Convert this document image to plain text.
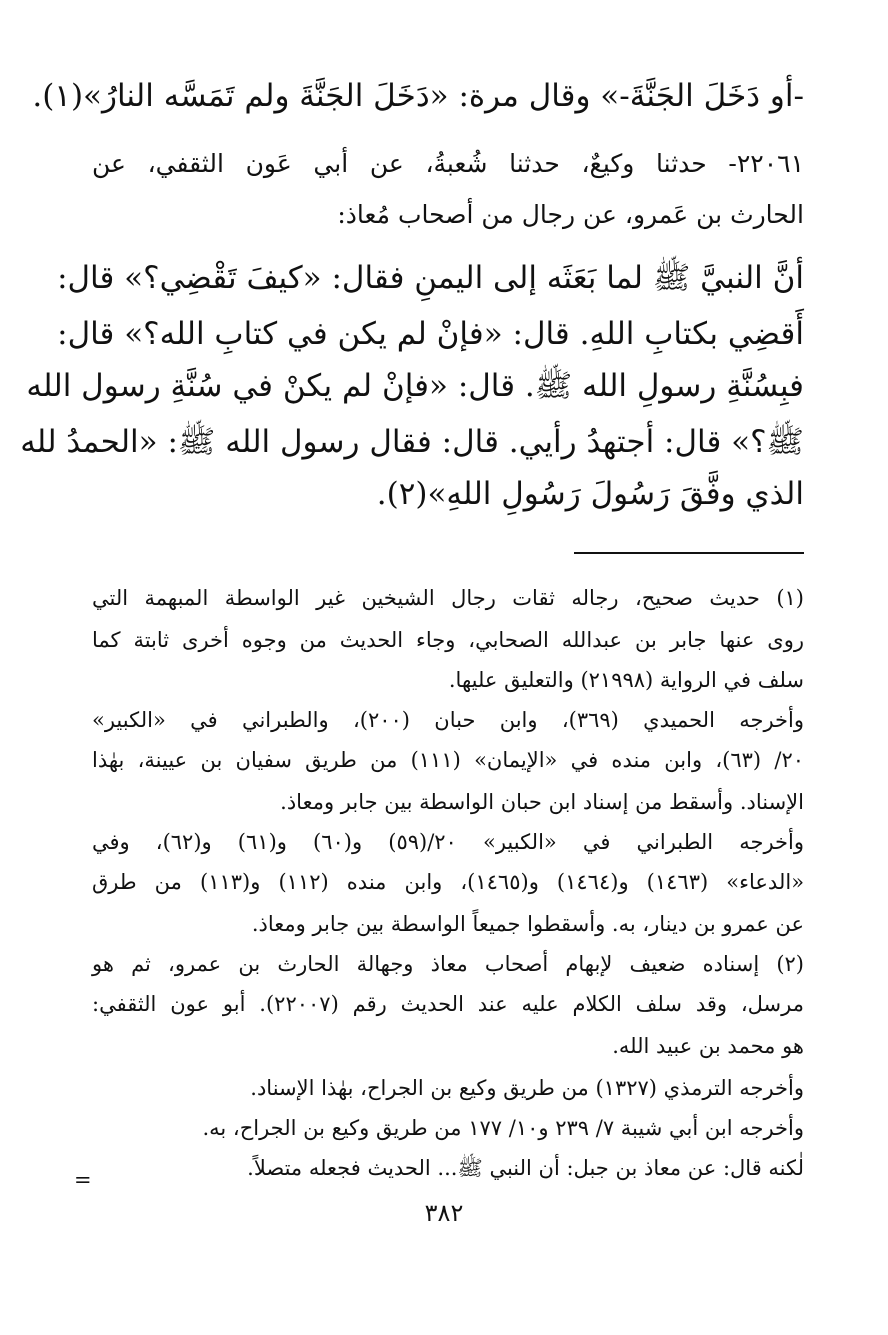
-أو دَخَلَ الجَنَّةَ-» وقال مرة: «دَخَلَ الجَنَّةَ ولم تَمَسَّه النارُ»(١).
٢٢٠٦١- حدثنا وكيعٌ، حدثنا شُعبةُ، عن أبي عَون الثقفي، عن
الحارث بن عَمرو، عن رجال من أصحاب مُعاذ:
أنَّ النبيَّ ﷺ لما بَعَثَه إلى اليمنِ فقال: «كيفَ تَقْضِي؟» قال:
أَقضِي بكتابِ اللهِ. قال: «فإنْ لم يكن في كتابِ الله؟» قال:
فبِسُنَّةِ رسولِ الله ﷺ. قال: «فإنْ لم يكنْ في سُنَّةِ رسول الله
ﷺ؟» قال: أجتهدُ رأيي. قال: فقال رسول الله ﷺ: «الحمدُ لله
الذي وفَّقَ رَسُولَ رَسُولِ اللهِ»(٢).
(١) حديث صحيح، رجاله ثقات رجال الشيخين غير الواسطة المبهمة التي
روى عنها جابر بن عبدالله الصحابي، وجاء الحديث من وجوه أخرى ثابتة كما
سلف في الرواية (٢١٩٩٨) والتعليق عليها.
وأخرجه الحميدي (٣٦٩)، وابن حبان (٢٠٠)، والطبراني في «الكبير»
٢٠/ (٦٣)، وابن منده في «الإيمان» (١١١) من طريق سفيان بن عيينة، بهٰذا
الإسناد. وأسقط من إسناد ابن حبان الواسطة بين جابر ومعاذ.
وأخرجه الطبراني في «الكبير» ٢٠/(٥٩) و(٦٠) و(٦١) و(٦٢)، وفي
«الدعاء» (١٤٦٣) و(١٤٦٤) و(١٤٦٥)، وابن منده (١١٢) و(١١٣) من طرق
عن عمرو بن دينار، به. وأسقطوا جميعاً الواسطة بين جابر ومعاذ.
(٢) إسناده ضعيف لإبهام أصحاب معاذ وجهالة الحارث بن عمرو، ثم هو
مرسل، وقد سلف الكلام عليه عند الحديث رقم (٢٢٠٠٧). أبو عون الثقفي:
هو محمد بن عبيد الله.
وأخرجه الترمذي (١٣٢٧) من طريق وكيع بن الجراح، بهٰذا الإسناد.
وأخرجه ابن أبي شيبة ٧/ ٢٣٩ و١٠/ ١٧٧ من طريق وكيع بن الجراح، به.
لٰكنه قال: عن معاذ بن جبل: أن النبي ﷺ... الحديث فجعله متصلاً.
=
٣٨٢
